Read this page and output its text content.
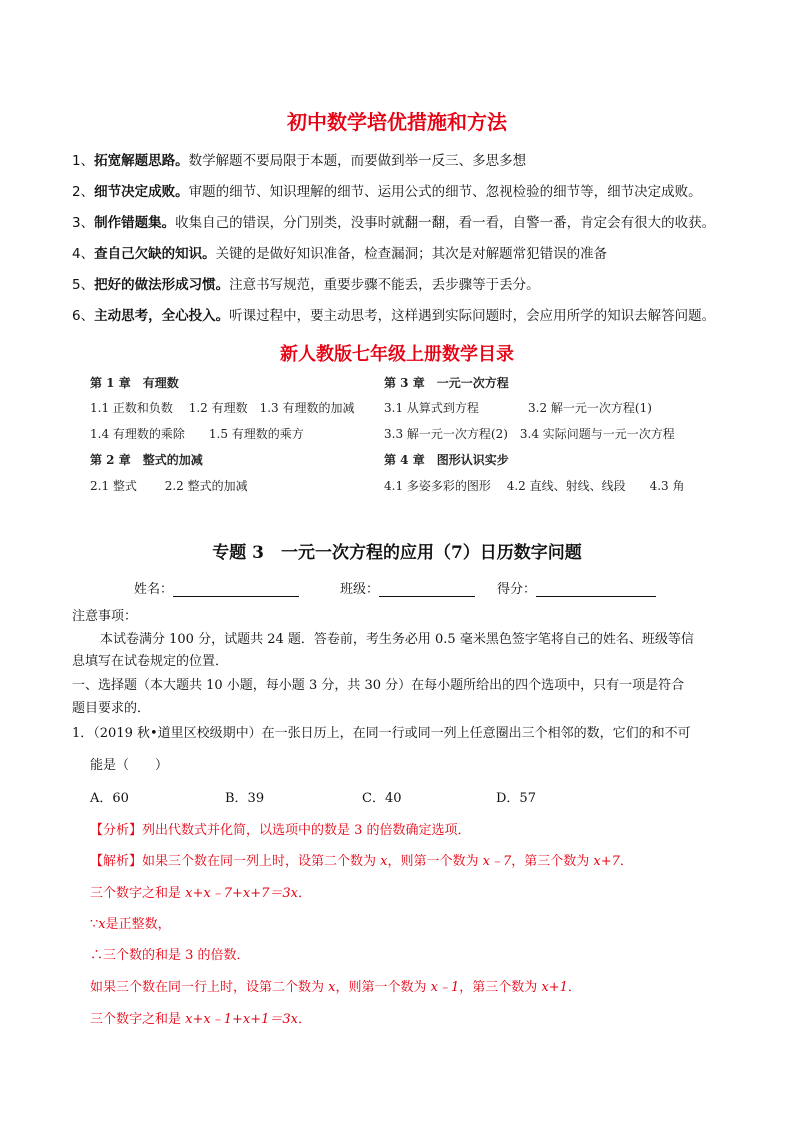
初中数学培优措施和方法
1、拓宽解题思路。数学解题不要局限于本题，而要做到举一反三、多思多想
2、细节决定成败。审题的细节、知识理解的细节、运用公式的细节、忽视检验的细节等，细节决定成败。
3、制作错题集。收集自己的错误，分门别类，没事时就翻一翻，看一看，自警一番，肯定会有很大的收获。
4、查自己欠缺的知识。关键的是做好知识准备，检查漏洞；其次是对解题常犯错误的准备
5、把好的做法形成习惯。注意书写规范，重要步骤不能丢，丢步骤等于丢分。
6、主动思考，全心投入。听课过程中，要主动思考，这样遇到实际问题时，会应用所学的知识去解答问题。
新人教版七年级上册数学目录
第 1 章　有理数
1.1 正数和负数　 1.2 有理数　1.3 有理数的加减
1.4 有理数的乘除　　1.5 有理数的乘方
第 2 章　整式的加减
2.1 整式　　 2.2 整式的加减
第 3 章　一元一次方程
3.1 从算式到方程	3.2 解一元一次方程(1)
3.3 解一元一次方程(2)　3.4 实际问题与一元一次方程
第 4 章　图形认识实步
4.1 多姿多彩的图形　 4.2 直线、射线、线段　　4.3 角
专题 3　一元一次方程的应用（7）日历数字问题
姓名：	班级：	得分：
注意事项：
本试卷满分 100 分，试题共 24 题．答卷前，考生务必用 0.5 毫米黑色签字笔将自己的姓名、班级等信
息填写在试卷规定的位置．
一、选择题（本大题共 10 小题，每小题 3 分，共 30 分）在每小题所给出的四个选项中，只有一项是符合
题目要求的．
1．（2019 秋•道里区校级期中）在一张日历上，在同一行或同一列上任意圈出三个相邻的数，它们的和不可
能是（　　）
A．60	B．39	C．40	D．57
【分析】列出代数式并化简，以选项中的数是 3 的倍数确定选项．
【解析】如果三个数在同一列上时，设第二个数为 x，则第一个数为 x﹣7，第三个数为 x+7．
三个数字之和是 x+x﹣7+x+7＝3x．
∵x是正整数，
∴三个数的和是 3 的倍数．
如果三个数在同一行上时，设第二个数为 x，则第一个数为 x﹣1，第三个数为 x+1．
三个数字之和是 x+x﹣1+x+1＝3x．
